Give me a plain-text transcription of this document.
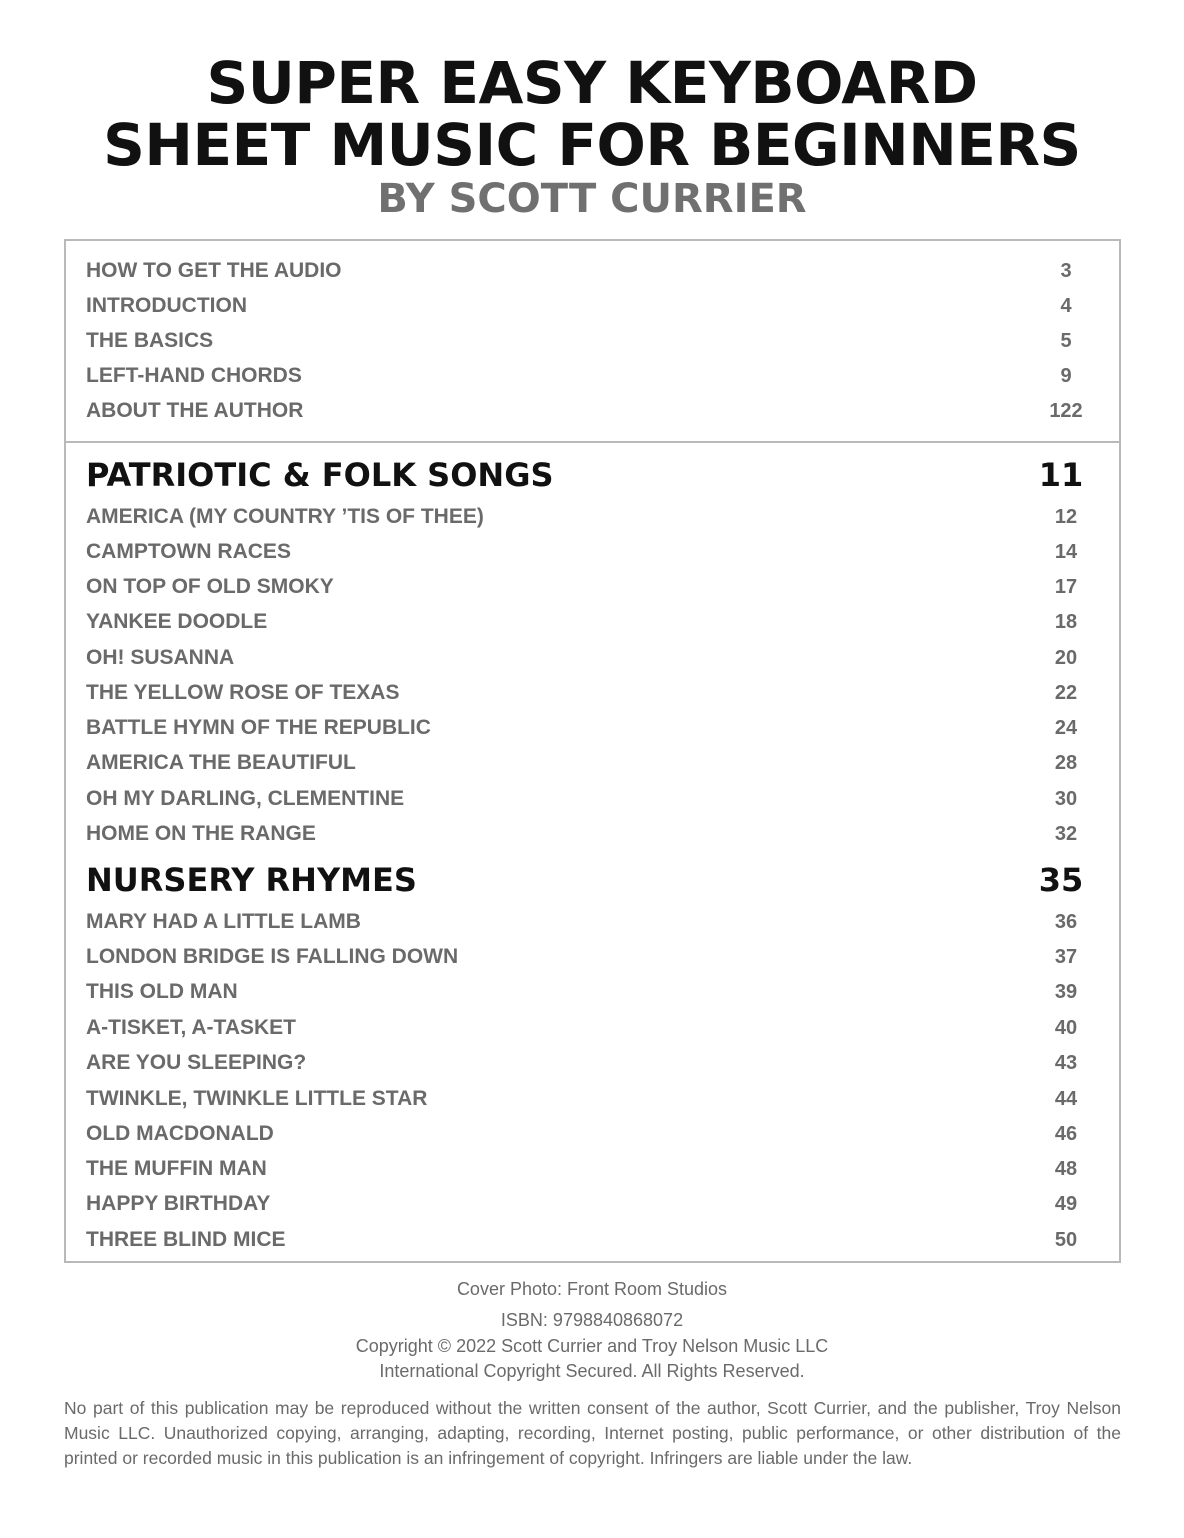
SUPER EASY KEYBOARD
SHEET MUSIC FOR BEGINNERS
BY SCOTT CURRIER
HOW TO GET THE AUDIO	3
INTRODUCTION	4
THE BASICS	5
LEFT-HAND CHORDS	9
ABOUT THE AUTHOR	122
PATRIOTIC & FOLK SONGS	11
AMERICA (MY COUNTRY ’TIS OF THEE)	12
CAMPTOWN RACES	14
ON TOP OF OLD SMOKY	17
YANKEE DOODLE	18
OH! SUSANNA	20
THE YELLOW ROSE OF TEXAS	22
BATTLE HYMN OF THE REPUBLIC	24
AMERICA THE BEAUTIFUL	28
OH MY DARLING, CLEMENTINE	30
HOME ON THE RANGE	32
NURSERY RHYMES	35
MARY HAD A LITTLE LAMB	36
LONDON BRIDGE IS FALLING DOWN	37
THIS OLD MAN	39
A-TISKET, A-TASKET	40
ARE YOU SLEEPING?	43
TWINKLE, TWINKLE LITTLE STAR	44
OLD MACDONALD	46
THE MUFFIN MAN	48
HAPPY BIRTHDAY	49
THREE BLIND MICE	50
Cover Photo: Front Room Studios
ISBN: 9798840868072
Copyright © 2022 Scott Currier and Troy Nelson Music LLC
International Copyright Secured. All Rights Reserved.
No part of this publication may be reproduced without the written consent of the author, Scott Currier, and the publisher, Troy Nelson Music LLC. Unauthorized copying, arranging, adapting, recording, Internet posting, public performance, or other distribution of the printed or recorded music in this publication is an infringement of copyright. Infringers are liable under the law.
